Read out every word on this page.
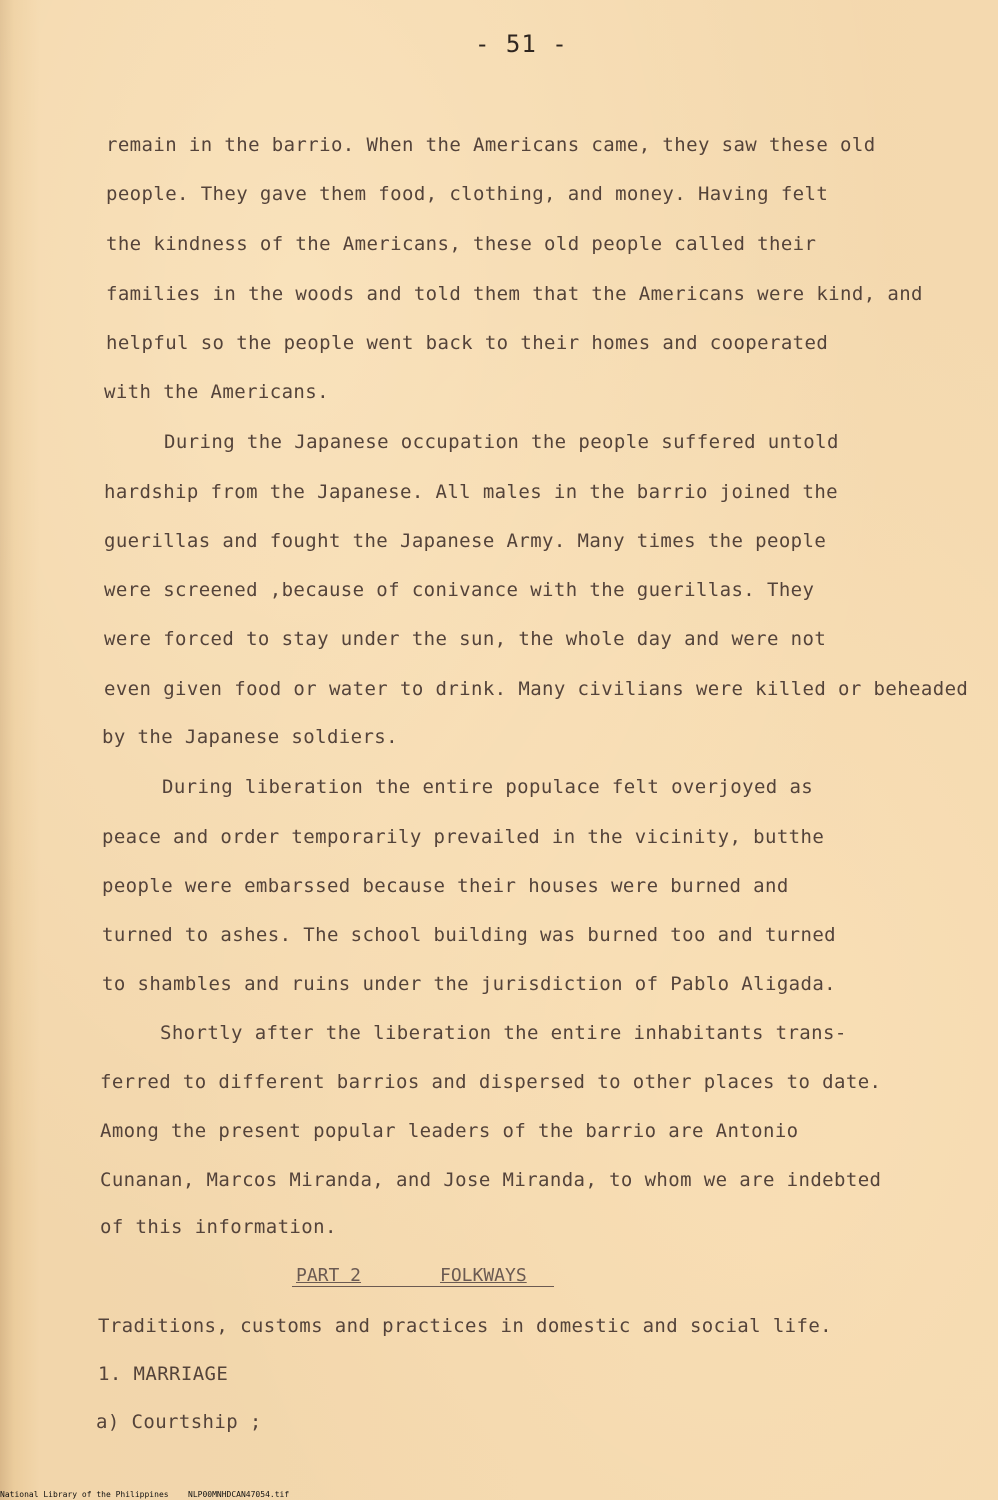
- 51 -
remain in the barrio. When the Americans came, they saw these old
people. They gave them food, clothing, and money. Having felt
the kindness of the Americans, these old people called their
families in the woods and told them that the Americans were kind, and
helpful so the people went back to their homes and cooperated
with the Americans.
During the Japanese occupation the people suffered untold
hardship from the Japanese. All males in the barrio joined the
guerillas and fought the Japanese Army. Many times the people
were screened ,because of conivance with the guerillas. They
were forced to stay under the sun, the whole day and were not
even given food or water to drink. Many civilians were killed or beheaded
by the Japanese soldiers.
During liberation the entire populace felt overjoyed as
peace and order temporarily prevailed in the vicinity, butthe
people were embarssed because their houses were burned and
turned to ashes. The school building was burned too and turned
to shambles and ruins under the jurisdiction of Pablo Aligada.
Shortly after the liberation the entire inhabitants trans-
ferred to different barrios and dispersed to other places to date.
Among the present popular leaders of the barrio are Antonio
Cunanan, Marcos Miranda, and Jose Miranda, to whom we are indebted
of this information.
PART 2	FOLKWAYS
Traditions, customs and practices in domestic and social life.
1. MARRIAGE
a) Courtship ;
National Library of the Philippines NLP00MNHDCAN47054.tif
